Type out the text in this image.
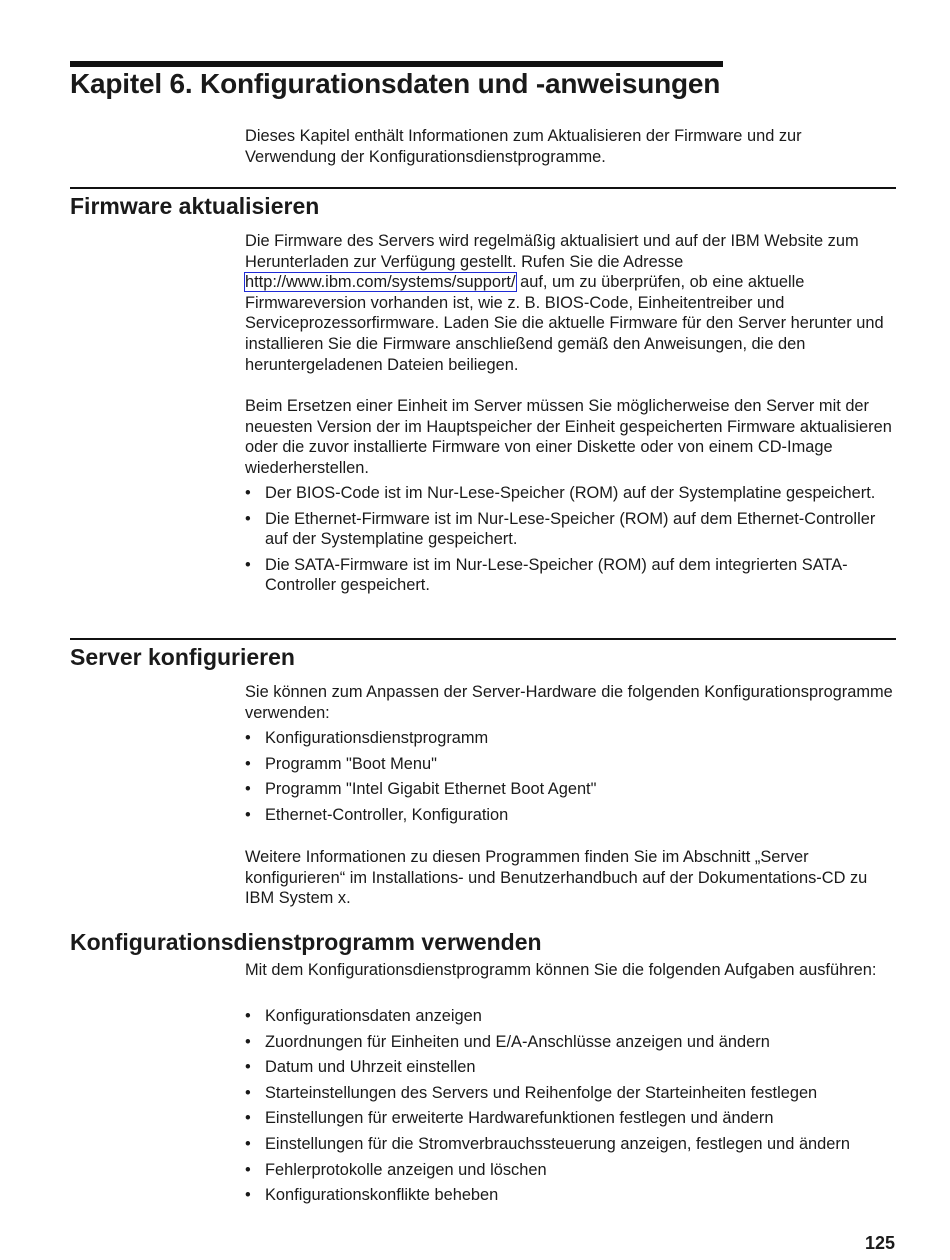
Kapitel 6. Konfigurationsdaten und -anweisungen

Dieses Kapitel enthält Informationen zum Aktualisieren der Firmware und zur Verwendung der Konfigurationsdienstprogramme.

Firmware aktualisieren

Die Firmware des Servers wird regelmäßig aktualisiert und auf der IBM Website zum Herunterladen zur Verfügung gestellt. Rufen Sie die Adresse http://www.ibm.com/systems/support/ auf, um zu überprüfen, ob eine aktuelle Firmwareversion vorhanden ist, wie z. B. BIOS-Code, Einheitentreiber und Serviceprozessorfirmware. Laden Sie die aktuelle Firmware für den Server herunter und installieren Sie die Firmware anschließend gemäß den Anweisungen, die den heruntergeladenen Dateien beiliegen.

Beim Ersetzen einer Einheit im Server müssen Sie möglicherweise den Server mit der neuesten Version der im Hauptspeicher der Einheit gespeicherten Firmware aktualisieren oder die zuvor installierte Firmware von einer Diskette oder von einem CD-Image wiederherstellen.

• Der BIOS-Code ist im Nur-Lese-Speicher (ROM) auf der Systemplatine gespeichert.
• Die Ethernet-Firmware ist im Nur-Lese-Speicher (ROM) auf dem Ethernet-Controller auf der Systemplatine gespeichert.
• Die SATA-Firmware ist im Nur-Lese-Speicher (ROM) auf dem integrierten SATA-Controller gespeichert.
Server konfigurieren

Sie können zum Anpassen der Server-Hardware die folgenden Konfigurationsprogramme verwenden:

• Konfigurationsdienstprogramm
• Programm "Boot Menu"
• Programm "Intel Gigabit Ethernet Boot Agent"
• Ethernet-Controller, Konfiguration

Weitere Informationen zu diesen Programmen finden Sie im Abschnitt „Server konfigurieren“ im Installations- und Benutzerhandbuch auf der Dokumentations-CD zu IBM System x.

Konfigurationsdienstprogramm verwenden

Mit dem Konfigurationsdienstprogramm können Sie die folgenden Aufgaben ausführen:

• Konfigurationsdaten anzeigen
• Zuordnungen für Einheiten und E/A-Anschlüsse anzeigen und ändern
• Datum und Uhrzeit einstellen
• Starteinstellungen des Servers und Reihenfolge der Starteinheiten festlegen
• Einstellungen für erweiterte Hardwarefunktionen festlegen und ändern
• Einstellungen für die Stromverbrauchssteuerung anzeigen, festlegen und ändern
• Fehlerprotokolle anzeigen und löschen
• Konfigurationskonflikte beheben
125
